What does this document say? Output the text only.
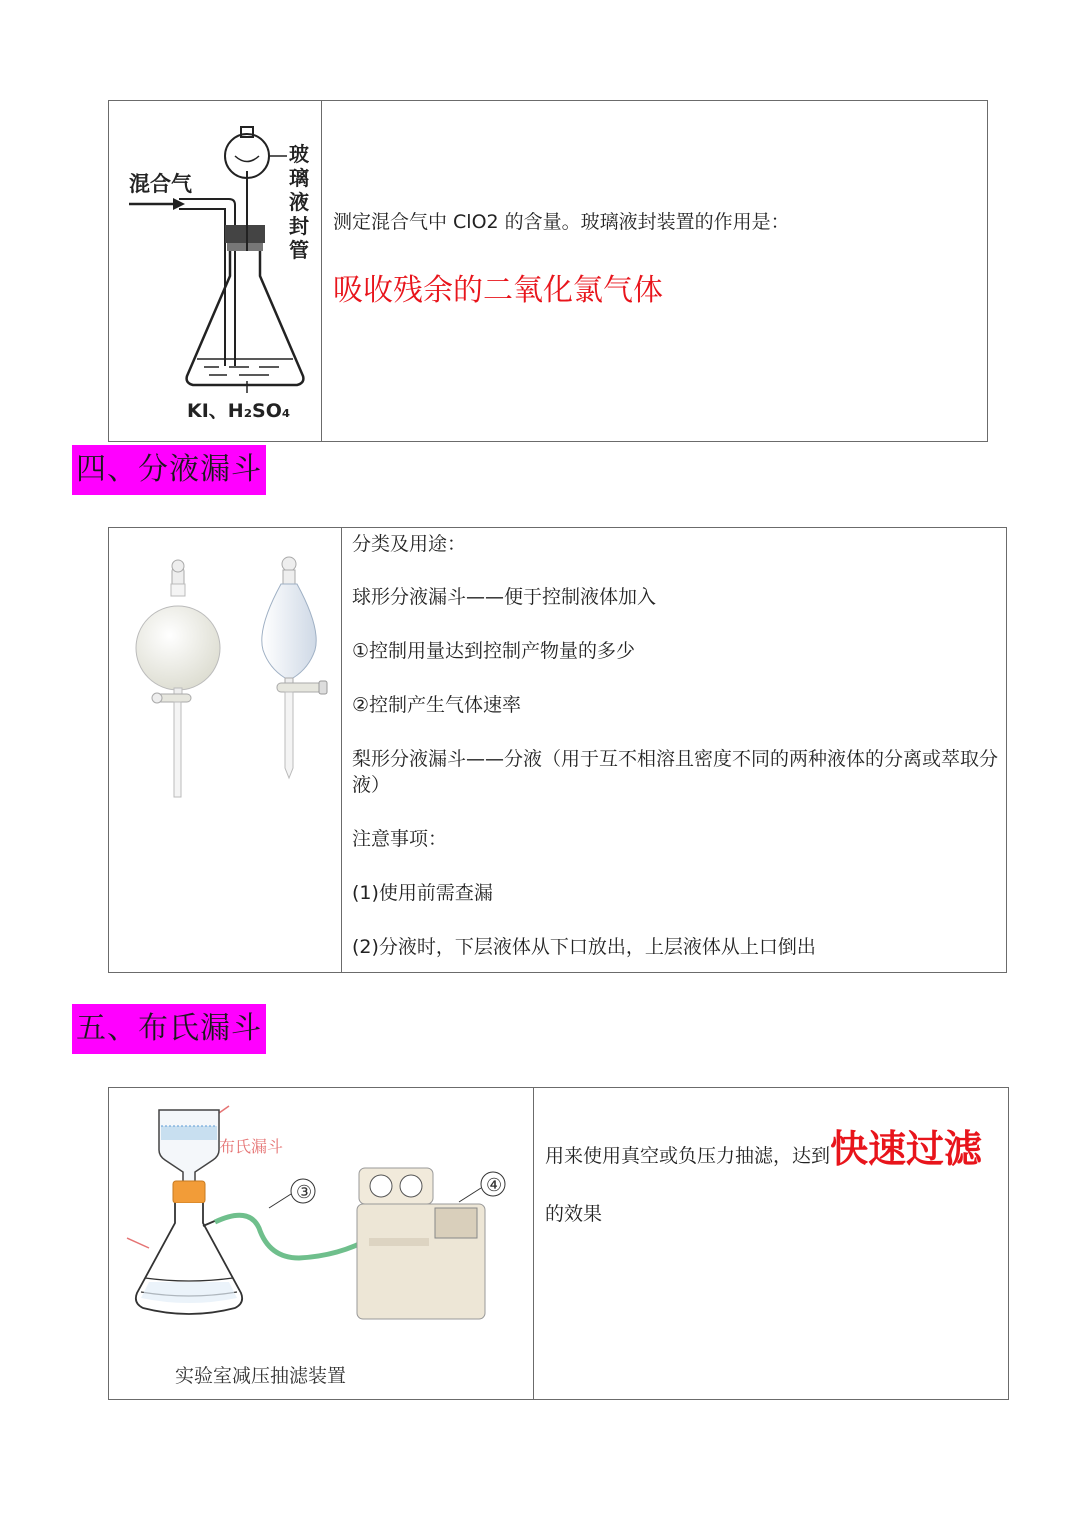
混合气
玻璃液封管
KI、H₂SO₄

测定混合气中 ClO2 的含量。玻璃液封装置的作用是：

吸收残余的二氧化氯气体

四、分液漏斗

分类及用途：

球形分液漏斗——便于控制液体加入

①控制用量达到控制产物量的多少

②控制产生气体速率

梨形分液漏斗——分液（用于互不相溶且密度不同的两种液体的分离或萃取分液）

注意事项：

(1)使用前需查漏

(2)分液时，下层液体从下口放出，上层液体从上口倒出

五、布氏漏斗
布氏漏斗
③	④
实验室减压抽滤装置
用来使用真空或负压力抽滤，达到快速过滤的效果
